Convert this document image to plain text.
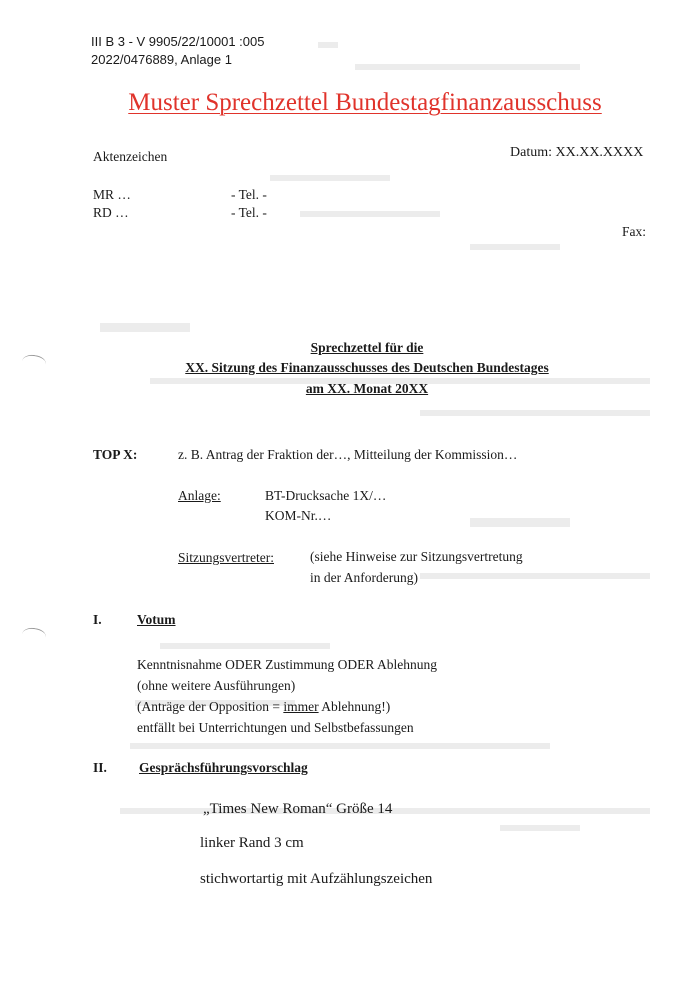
III B 3 - V 9905/22/10001 :005
2022/0476889, Anlage 1
Muster Sprechzettel Bundestagfinanzausschuss
Aktenzeichen	Datum: XX.XX.XXXX
MR …	- Tel. -
RD …	- Tel. -
Fax:
Sprechzettel für die
XX. Sitzung des Finanzausschusses des Deutschen Bundestages
am XX. Monat 20XX
TOP X:	z. B. Antrag der Fraktion der…, Mitteilung der Kommission…
Anlage:	BT-Drucksache 1X/…
KOM-Nr.…
Sitzungsvertreter:	(siehe Hinweise zur Sitzungsvertretung
in der Anforderung)
I.	Votum
Kenntnisnahme ODER Zustimmung ODER Ablehnung
(ohne weitere Ausführungen)
(Anträge der Opposition = immer Ablehnung!)
entfällt bei Unterrichtungen und Selbstbefassungen
II. Gesprächsführungsvorschlag
„Times New Roman“ Größe 14
linker Rand 3 cm
stichwortartig mit Aufzählungszeichen
